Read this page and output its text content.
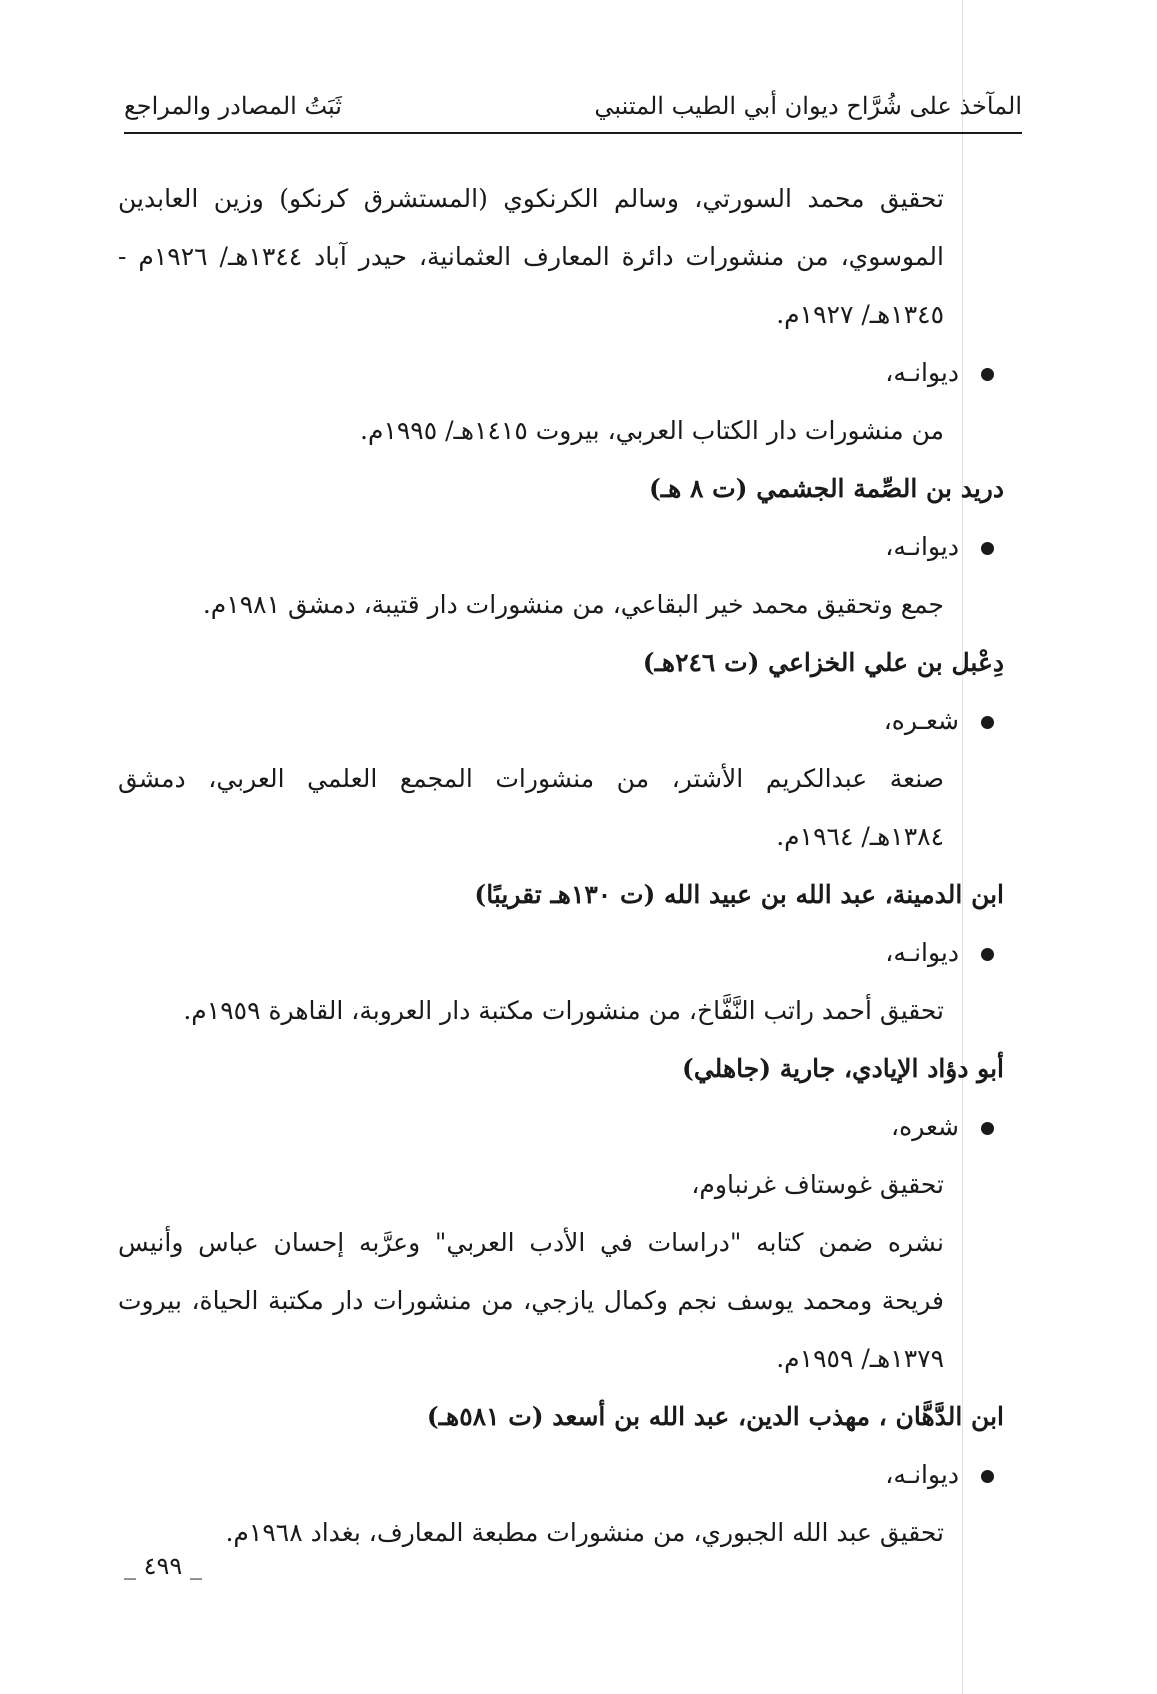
المآخذ على شُرَّاح ديوان أبي الطيب المتنبي
ثَبَتُ المصادر والمراجع
تحقيق محمد السورتي، وسالم الكرنكوي (المستشرق كرنكو) وزين العابدين
الموسوي، من منشورات دائرة المعارف العثمانية، حيدر آباد ١٣٤٤هـ/ ١٩٢٦م -
١٣٤٥هـ/ ١٩٢٧م.
ديوانـه،
من منشورات دار الكتاب العربي، بيروت ١٤١٥هـ/ ١٩٩٥م.
دريد بن الصِّمة الجشمي (ت ٨ هـ)
ديوانـه،
جمع وتحقيق محمد خير البقاعي، من منشورات دار قتيبة، دمشق ١٩٨١م.
دِعْبل بن علي الخزاعي (ت ٢٤٦هـ)
شعـره،
صنعة عبدالكريم الأشتر، من منشورات المجمع العلمي العربي، دمشق
١٣٨٤هـ/ ١٩٦٤م.
ابن الدمينة، عبد الله بن عبيد الله (ت ١٣٠هـ تقريبًا)
ديوانـه،
تحقيق أحمد راتب النَّفَّاخ، من منشورات مكتبة دار العروبة، القاهرة ١٩٥٩م.
أبو دؤاد الإيادي، جارية (جاهلي)
شعره،
تحقيق غوستاف غرنباوم،
نشره ضمن كتابه "دراسات في الأدب العربي" وعرَّبه إحسان عباس وأنيس
فريحة ومحمد يوسف نجم وكمال يازجي، من منشورات دار مكتبة الحياة، بيروت
١٣٧٩هـ/ ١٩٥٩م.
ابن الدَّهَّان ، مهذب الدين، عبد الله بن أسعد (ت ٥٨١هـ)
ديوانـه،
تحقيق عبد الله الجبوري، من منشورات مطبعة المعارف، بغداد ١٩٦٨م.
_ ٤٩٩ _
